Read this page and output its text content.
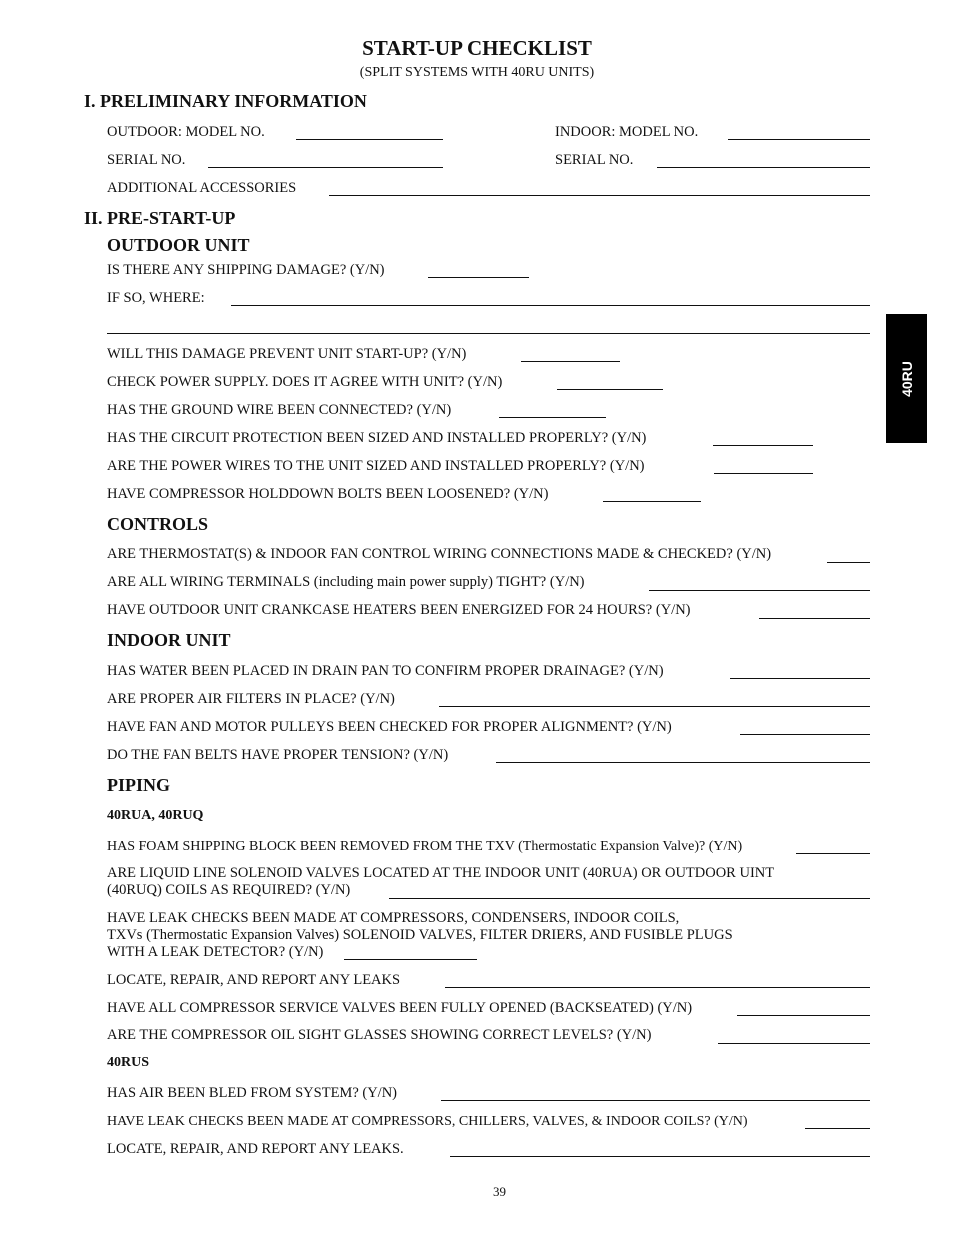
START-UP CHECKLIST
(SPLIT SYSTEMS WITH 40RU UNITS)
I. PRELIMINARY INFORMATION
OUTDOOR: MODEL NO.	INDOOR: MODEL NO.
SERIAL NO.	SERIAL NO.
ADDITIONAL ACCESSORIES
II. PRE-START-UP
OUTDOOR UNIT
IS THERE ANY SHIPPING DAMAGE? (Y/N)
IF SO, WHERE:
WILL THIS DAMAGE PREVENT UNIT START-UP? (Y/N)
CHECK POWER SUPPLY. DOES IT AGREE WITH UNIT? (Y/N)
HAS THE GROUND WIRE BEEN CONNECTED? (Y/N)
HAS THE CIRCUIT PROTECTION BEEN SIZED AND INSTALLED PROPERLY? (Y/N)
ARE THE POWER WIRES TO THE UNIT SIZED AND INSTALLED PROPERLY? (Y/N)
HAVE COMPRESSOR HOLDDOWN BOLTS BEEN LOOSENED? (Y/N)
CONTROLS
ARE THERMOSTAT(S) & INDOOR FAN CONTROL WIRING CONNECTIONS MADE & CHECKED? (Y/N)
ARE ALL WIRING TERMINALS (including main power supply) TIGHT? (Y/N)
HAVE OUTDOOR UNIT CRANKCASE HEATERS BEEN ENERGIZED FOR 24 HOURS? (Y/N)
INDOOR UNIT
HAS WATER BEEN PLACED IN DRAIN PAN TO CONFIRM PROPER DRAINAGE? (Y/N)
ARE PROPER AIR FILTERS IN PLACE? (Y/N)
HAVE FAN AND MOTOR PULLEYS BEEN CHECKED FOR PROPER ALIGNMENT? (Y/N)
DO THE FAN BELTS HAVE PROPER TENSION? (Y/N)
PIPING
40RUA, 40RUQ
HAS FOAM SHIPPING BLOCK BEEN REMOVED FROM THE TXV (Thermostatic Expansion Valve)? (Y/N)
ARE LIQUID LINE SOLENOID VALVES LOCATED AT THE INDOOR UNIT (40RUA) OR OUTDOOR UINT
(40RUQ) COILS AS REQUIRED? (Y/N)
HAVE LEAK CHECKS BEEN MADE AT COMPRESSORS, CONDENSERS, INDOOR COILS,
TXVs (Thermostatic Expansion Valves) SOLENOID VALVES, FILTER DRIERS, AND FUSIBLE PLUGS
WITH A LEAK DETECTOR? (Y/N)
LOCATE, REPAIR, AND REPORT ANY LEAKS
HAVE ALL COMPRESSOR SERVICE VALVES BEEN FULLY OPENED (BACKSEATED) (Y/N)
ARE THE COMPRESSOR OIL SIGHT GLASSES SHOWING CORRECT LEVELS? (Y/N)
40RUS
HAS AIR BEEN BLED FROM SYSTEM? (Y/N)
HAVE LEAK CHECKS BEEN MADE AT COMPRESSORS, CHILLERS, VALVES, & INDOOR COILS? (Y/N)
LOCATE, REPAIR, AND REPORT ANY LEAKS.
40RU
39
